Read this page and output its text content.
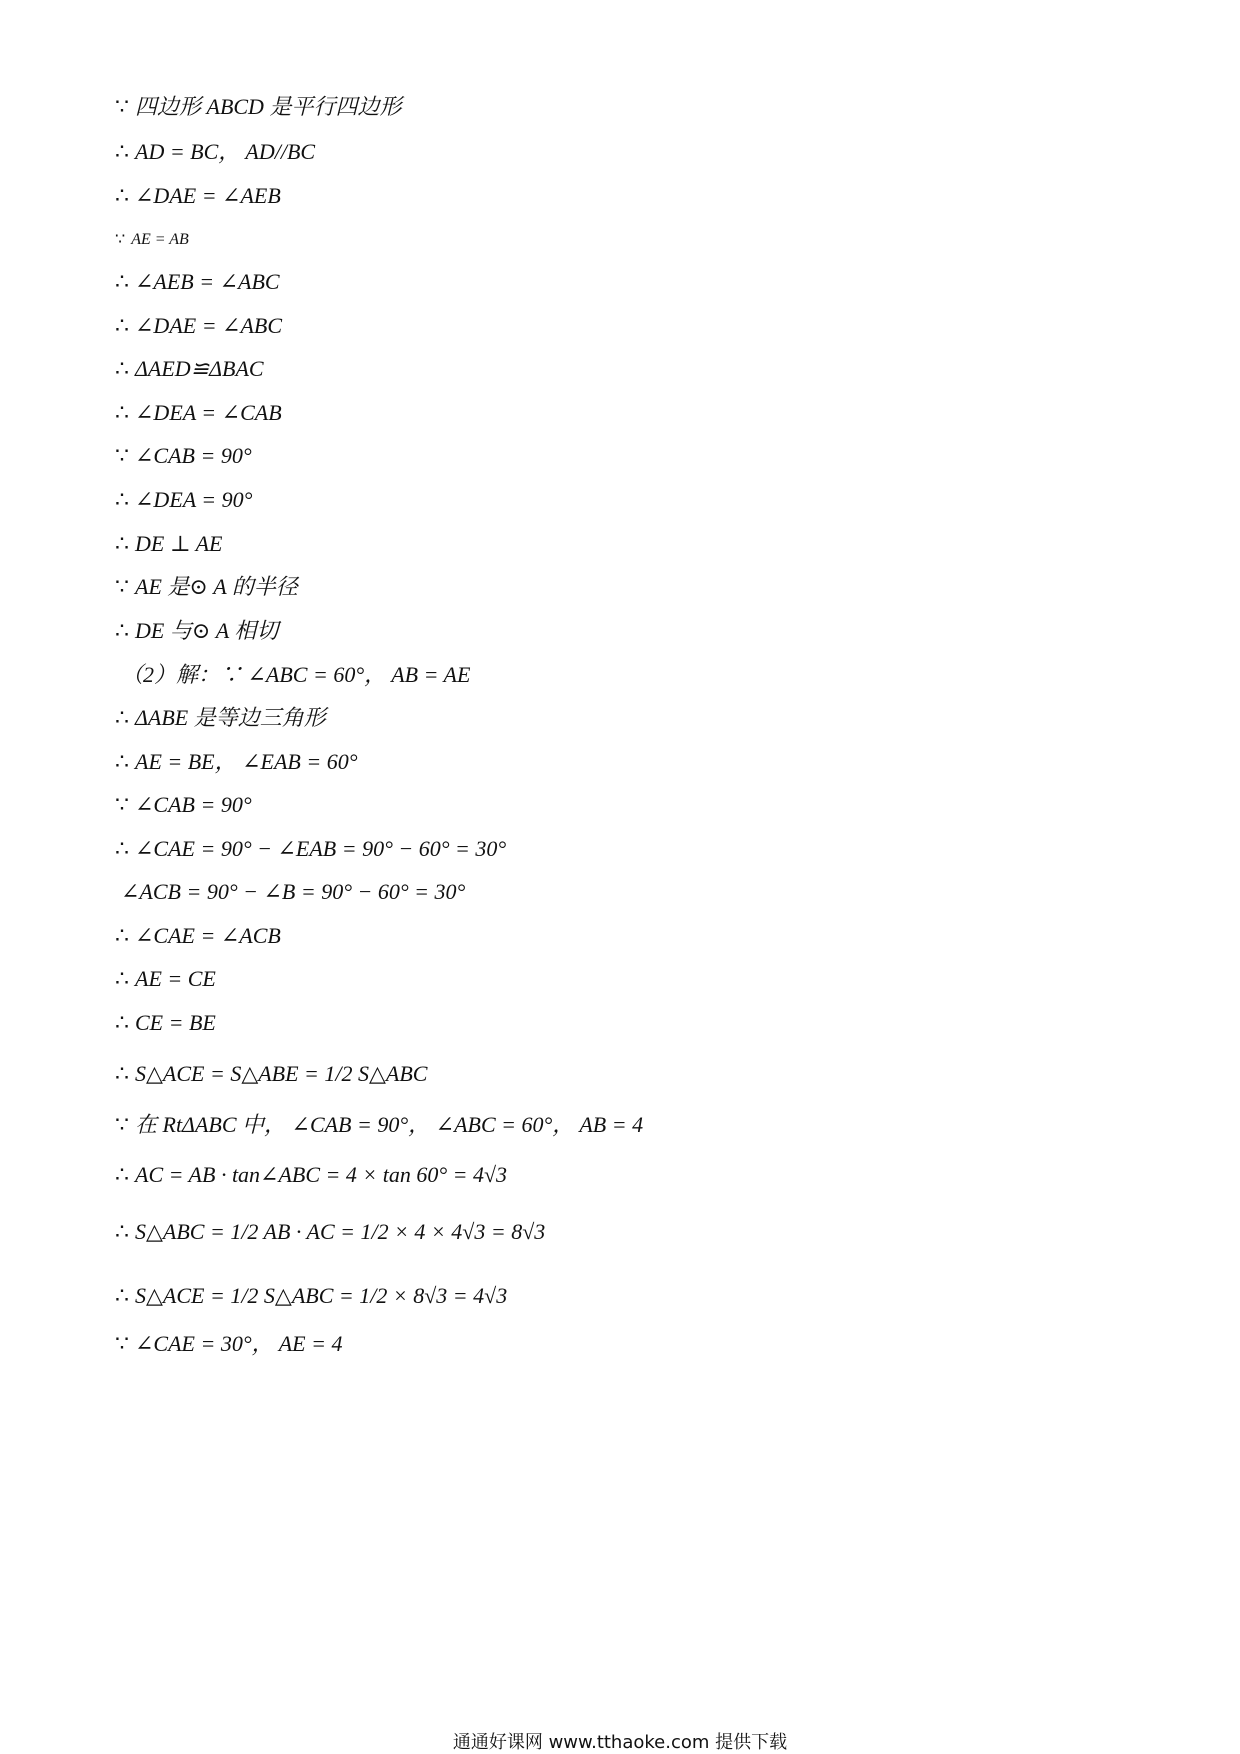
∵ 四边形 ABCD 是平行四边形
∴ AD = BC， AD//BC
∴ ∠DAE = ∠AEB
∵ AE = AB
∴ ∠AEB = ∠ABC
∴ ∠DAE = ∠ABC
∴ ΔAED≌ΔBAC
∴ ∠DEA = ∠CAB
∵ ∠CAB = 90°
∴ ∠DEA = 90°
∴ DE ⊥ AE
∵ AE 是⊙ A 的半径
∴ DE 与⊙ A 相切
（2）解：∵ ∠ABC = 60°， AB = AE
∴ ΔABE 是等边三角形
∴ AE = BE， ∠EAB = 60°
∵ ∠CAB = 90°
∴ ∠CAE = 90° − ∠EAB = 90° − 60° = 30°
∠ACB = 90° − ∠B = 90° − 60° = 30°
∴ ∠CAE = ∠ACB
∴ AE = CE
∴ CE = BE
∴ S△ACE = S△ABE = 1/2 S△ABC
∵ 在 RtΔABC 中， ∠CAB = 90°， ∠ABC = 60°， AB = 4
∴ AC = AB · tan∠ABC = 4 × tan 60° = 4√3
∴ S△ABC = 1/2 AB · AC = 1/2 × 4 × 4√3 = 8√3
∴ S△ACE = 1/2 S△ABC = 1/2 × 8√3 = 4√3
∵ ∠CAE = 30°， AE = 4
通通好课网 www.tthaoke.com 提供下载
